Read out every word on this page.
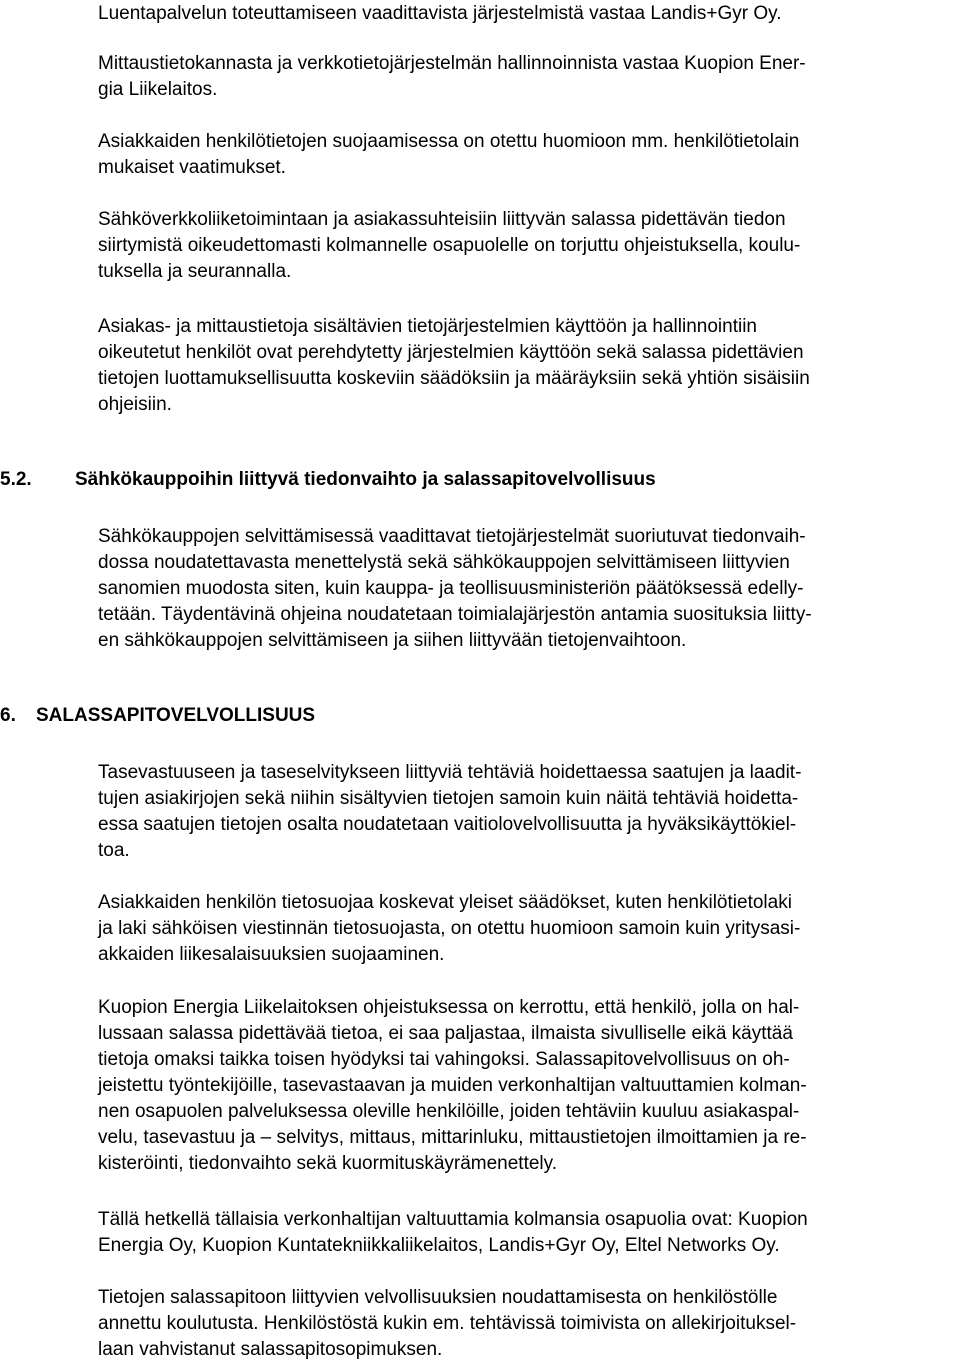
Luentapalvelun toteuttamiseen vaadittavista järjestelmistä vastaa Landis+Gyr Oy.

Mittaustietokannasta ja verkkotietojärjestelmän hallinnoinnista vastaa Kuopion Ener-
gia Liikelaitos.

Asiakkaiden henkilötietojen suojaamisessa on otettu huomioon mm. henkilötietolain
mukaiset vaatimukset.

Sähköverkkoliiketoimintaan ja asiakassuhteisiin liittyvän salassa pidettävän tiedon
siirtymistä oikeudettomasti kolmannelle osapuolelle on torjuttu ohjeistuksella, koulu-
tuksella ja seurannalla.

Asiakas- ja mittaustietoja sisältävien tietojärjestelmien käyttöön ja hallinnointiin
oikeutetut henkilöt ovat perehdytetty järjestelmien käyttöön sekä salassa pidettävien
tietojen luottamuksellisuutta koskeviin säädöksiin ja määräyksiin sekä yhtiön sisäisiin
ohjeisiin.

5.2. Sähkökauppoihin liittyvä tiedonvaihto ja salassapitovelvollisuus

Sähkökauppojen selvittämisessä vaadittavat tietojärjestelmät suoriutuvat tiedonvaih-
dossa noudatettavasta menettelystä sekä sähkökauppojen selvittämiseen liittyvien
sanomien muodosta siten, kuin kauppa- ja teollisuusministeriön päätöksessä edelly-
tetään. Täydentävinä ohjeina noudatetaan toimialajärjestön antamia suosituksia liitty-
en sähkökauppojen selvittämiseen ja siihen liittyvään tietojenvaihtoon.

6. SALASSAPITOVELVOLLISUUS

Tasevastuuseen ja taseselvitykseen liittyviä tehtäviä hoidettaessa saatujen ja laadit-
tujen asiakirjojen sekä niihin sisältyvien tietojen samoin kuin näitä tehtäviä hoidetta-
essa saatujen tietojen osalta noudatetaan vaitiolovelvollisuutta ja hyväksikäyttökiel-
toa.

Asiakkaiden henkilön tietosuojaa koskevat yleiset säädökset, kuten henkilötietolaki
ja laki sähköisen viestinnän tietosuojasta, on otettu huomioon samoin kuin yritysasi-
akkaiden liikesalaisuuksien suojaaminen.

Kuopion Energia Liikelaitoksen ohjeistuksessa on kerrottu, että henkilö, jolla on hal-
lussaan salassa pidettävää tietoa, ei saa paljastaa, ilmaista sivulliselle eikä käyttää
tietoja omaksi taikka toisen hyödyksi tai vahingoksi. Salassapitovelvollisuus on oh-
jeistettu työntekijöille, tasevastaavan ja muiden verkonhaltijan valtuuttamien kolman-
nen osapuolen palveluksessa oleville henkilöille, joiden tehtäviin kuuluu asiakaspal-
velu, tasevastuu ja – selvitys, mittaus, mittarinluku, mittaustietojen ilmoittamien ja re-
kisteröinti, tiedonvaihto sekä kuormituskäyrämenettely.

Tällä hetkellä tällaisia verkonhaltijan valtuuttamia kolmansia osapuolia ovat: Kuopion
Energia Oy, Kuopion Kuntatekniikkaliikelaitos, Landis+Gyr Oy, Eltel Networks Oy.

Tietojen salassapitoon liittyvien velvollisuuksien noudattamisesta on henkilöstölle
annettu koulutusta. Henkilöstöstä kukin em. tehtävissä toimivista on allekirjoituksel-
laan vahvistanut salassapitosopimuksen.
